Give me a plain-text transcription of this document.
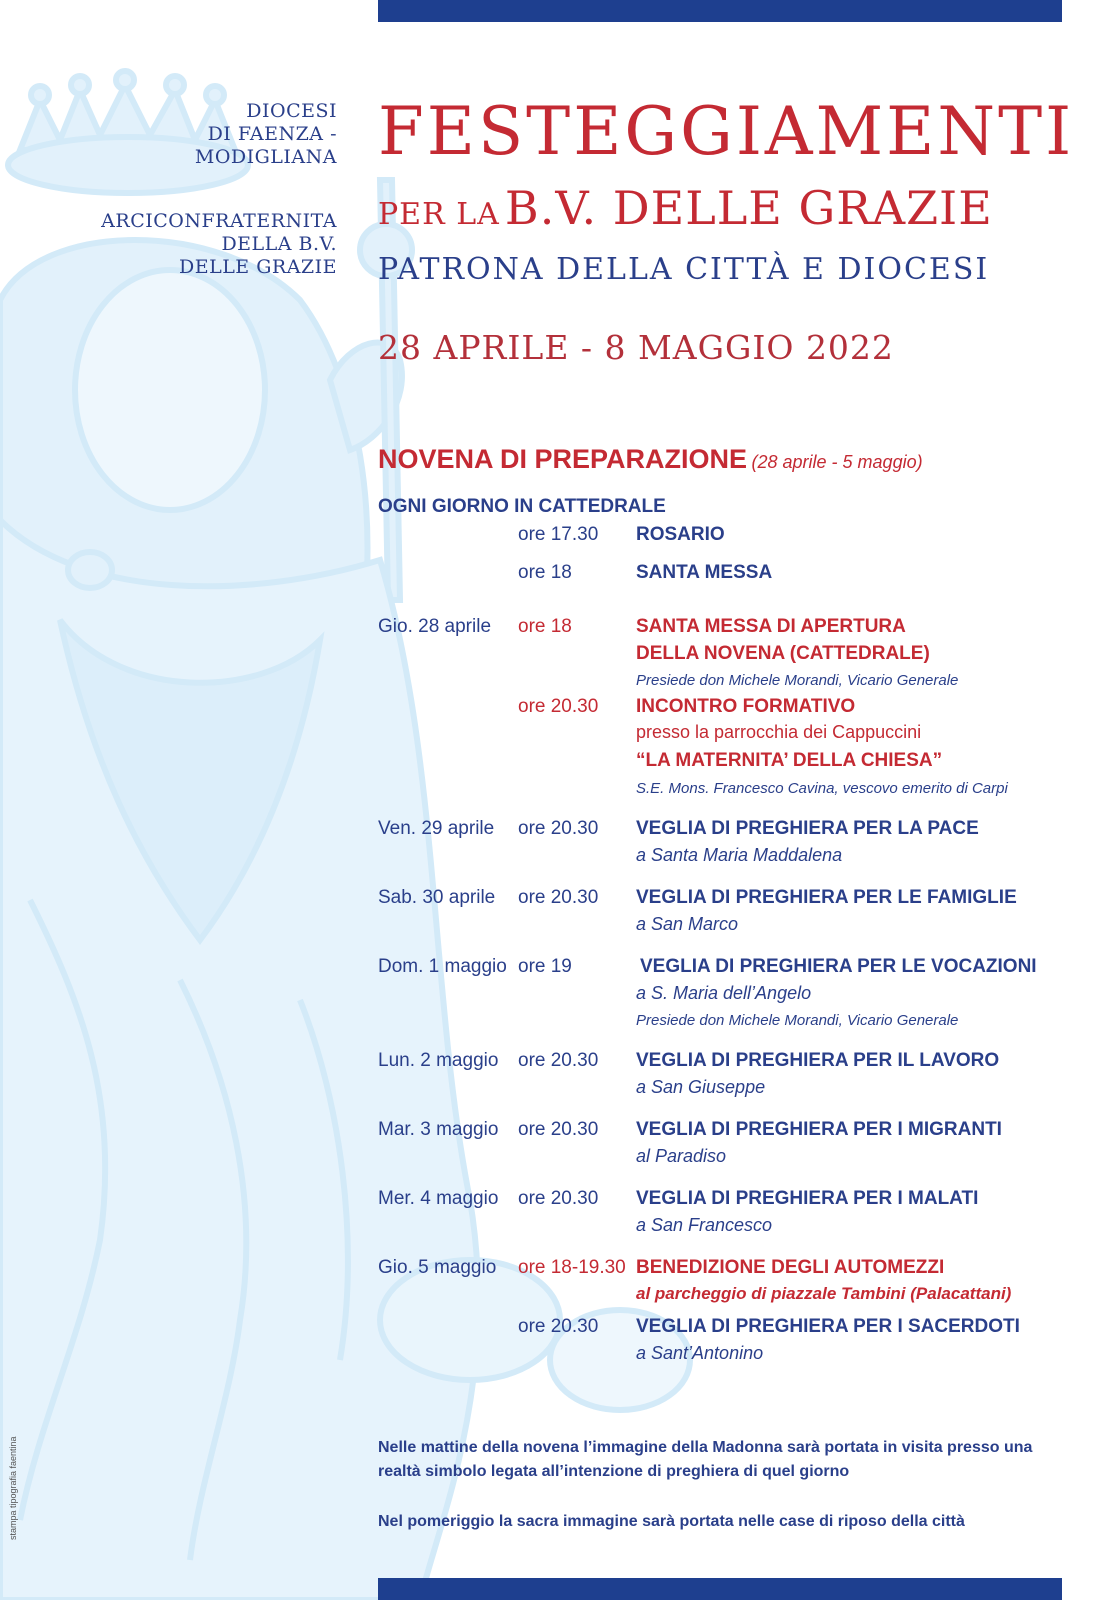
DIOCESI
DI FAENZA -
MODIGLIANA
ARCICONFRATERNITA
DELLA B.V.
DELLE GRAZIE
FESTEGGIAMENTI
PER LA B.V. DELLE GRAZIE
PATRONA DELLA CITTÀ E DIOCESI
28 APRILE - 8 MAGGIO 2022
NOVENA DI PREPARAZIONE (28 aprile - 5 maggio)
OGNI GIORNO IN CATTEDRALE
ore 17.30 ROSARIO
ore 18	SANTA MESSA
Gio. 28 aprile ore 18	SANTA MESSA DI APERTURA
DELLA NOVENA (CATTEDRALE)
Presiede don Michele Morandi, Vicario Generale
ore 20.30 INCONTRO FORMATIVO
presso la parrocchia dei Cappuccini
“LA MATERNITA’ DELLA CHIESA”
S.E. Mons. Francesco Cavina, vescovo emerito di Carpi
Ven. 29 aprile ore 20.30 VEGLIA DI PREGHIERA PER LA PACE
a Santa Maria Maddalena
Sab. 30 aprile ore 20.30 VEGLIA DI PREGHIERA PER LE FAMIGLIE
a San Marco
Dom. 1 maggio ore 19	VEGLIA DI PREGHIERA PER LE VOCAZIONI
a S. Maria dell’Angelo
Presiede don Michele Morandi, Vicario Generale
Lun. 2 maggio ore 20.30 VEGLIA DI PREGHIERA PER IL LAVORO
a San Giuseppe
Mar. 3 maggio ore 20.30 VEGLIA DI PREGHIERA PER I MIGRANTI
al Paradiso
Mer. 4 maggio ore 20.30 VEGLIA DI PREGHIERA PER I MALATI
a San Francesco
Gio. 5 maggio ore 18-19.30 BENEDIZIONE DEGLI AUTOMEZZI
al parcheggio di piazzale Tambini (Palacattani)
ore 20.30 VEGLIA DI PREGHIERA PER I SACERDOTI
a Sant’Antonino
Nelle mattine della novena l’immagine della Madonna sarà portata in visita presso una realtà simbolo legata all’intenzione di preghiera di quel giorno
Nel pomeriggio la sacra immagine sarà portata nelle case di riposo della città
stampa tipografia faentina
